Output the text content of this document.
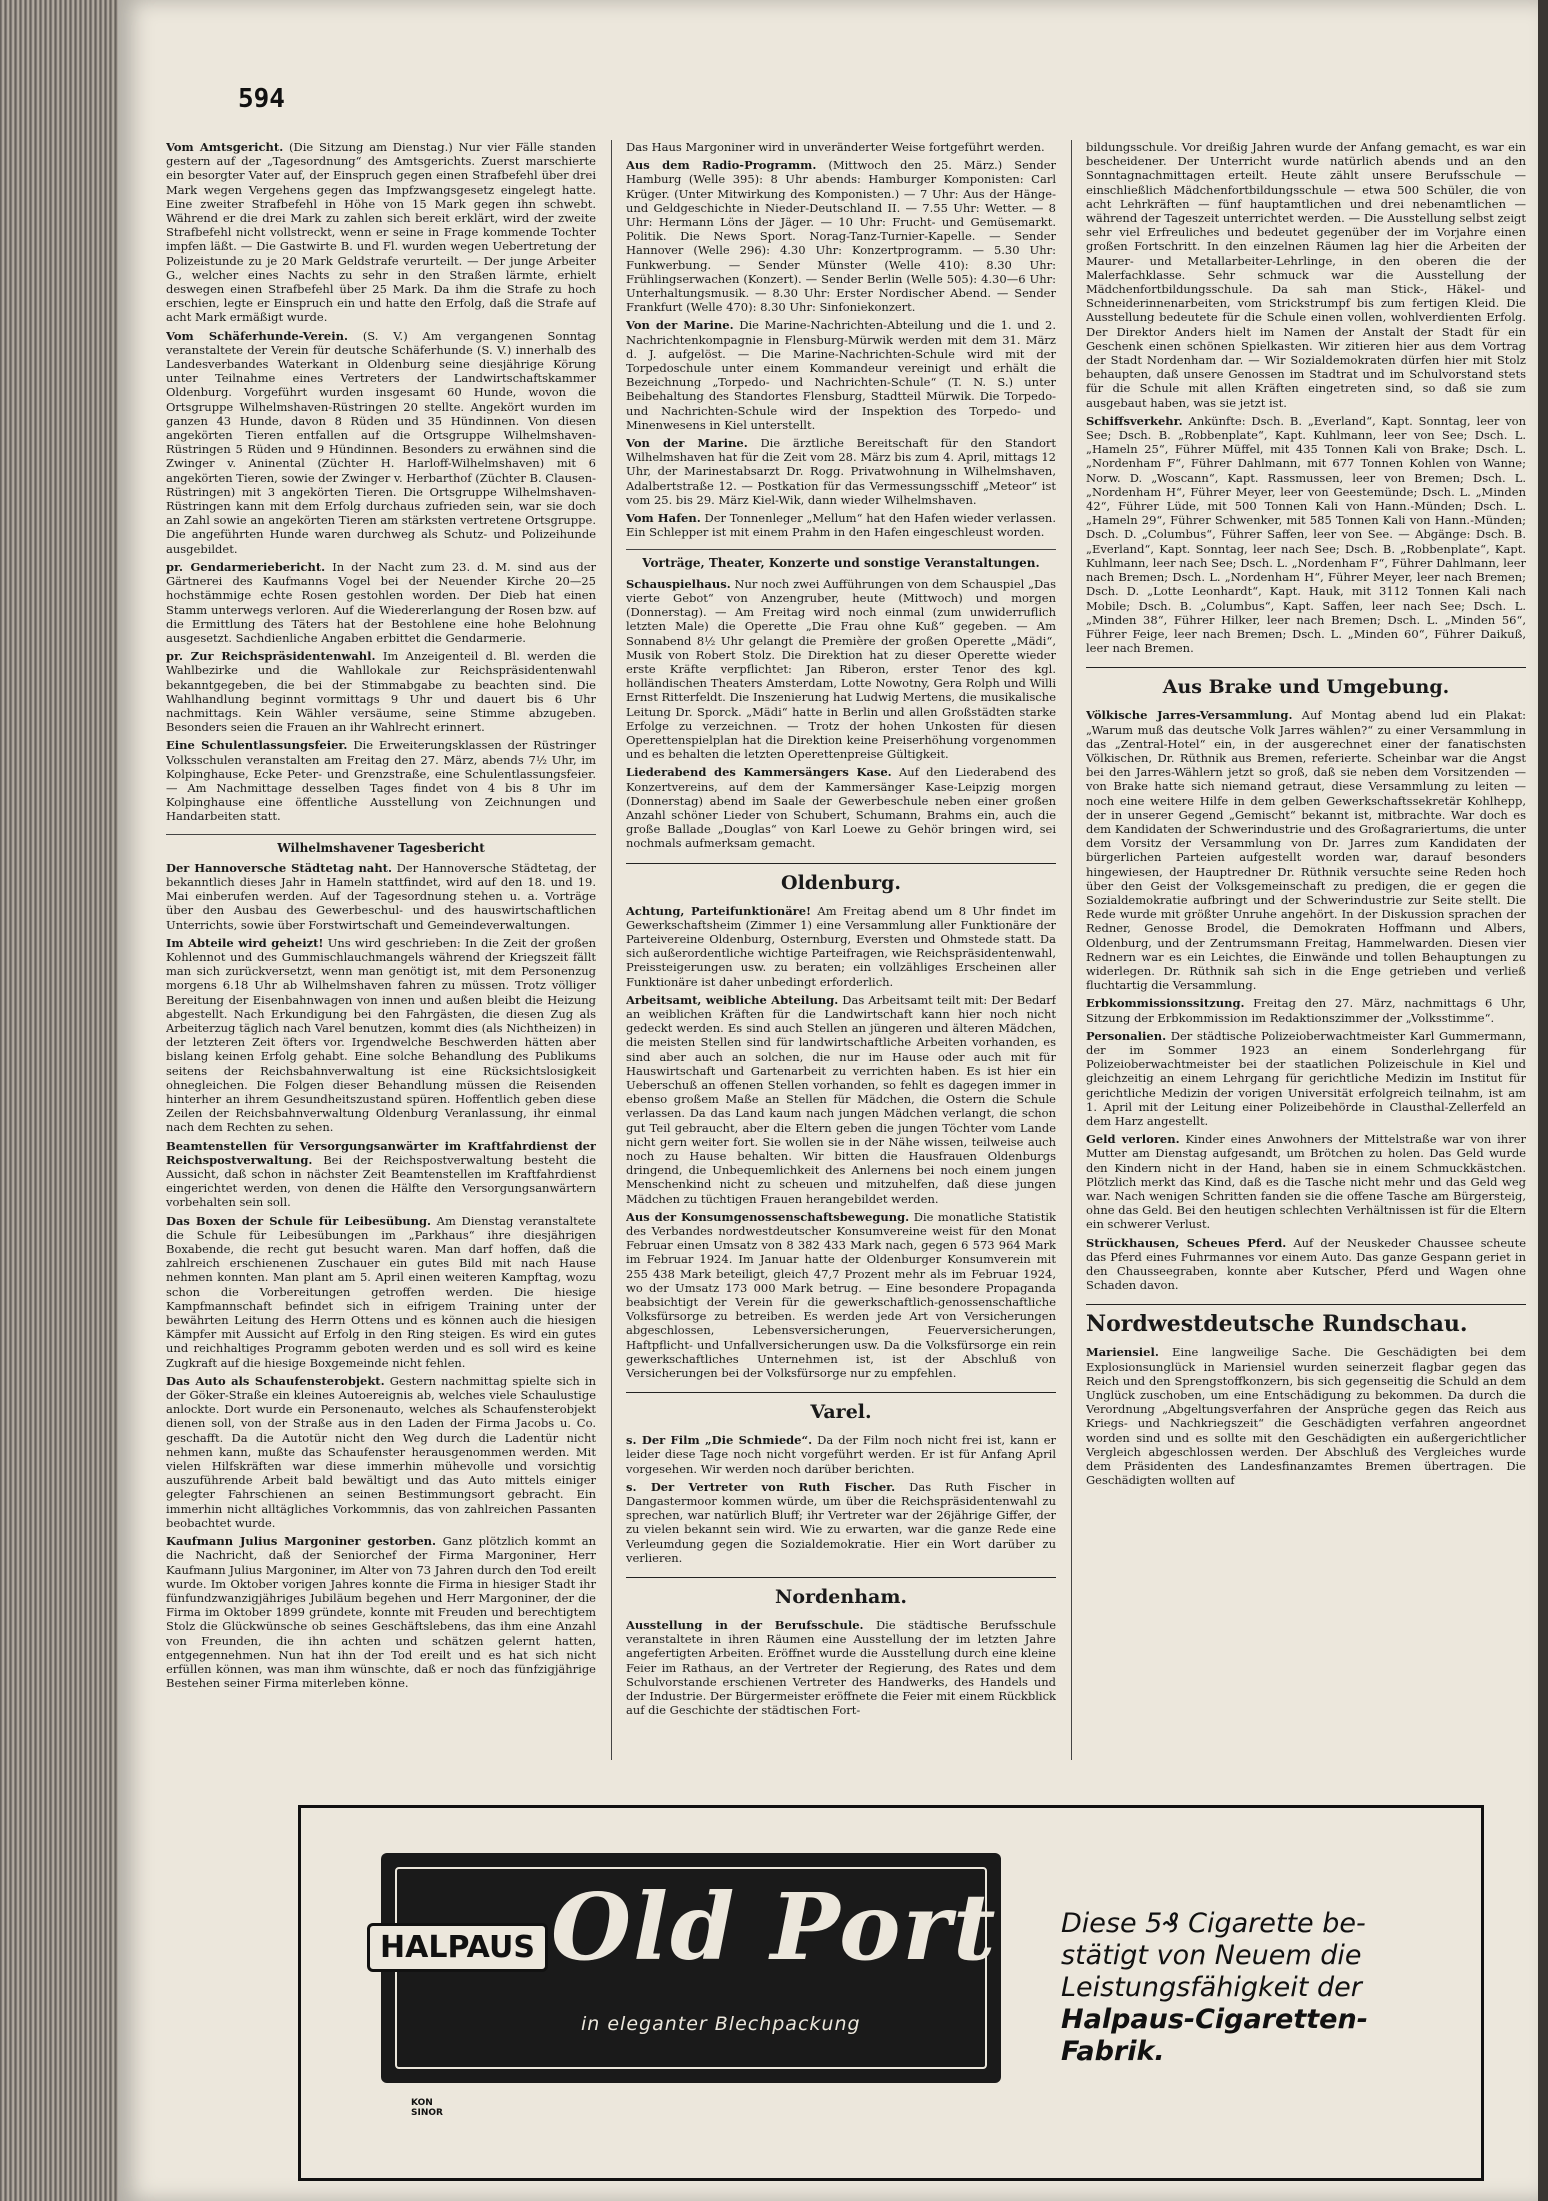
594

Vom Amtsgericht. (Die Sitzung am Dienstag.) Nur vier Fälle standen gestern auf der „Tagesordnung“ des Amtsgerichts. Zuerst marschierte ein besorgter Vater auf, der Einspruch gegen einen Strafbefehl über drei Mark wegen Vergehens gegen das Impfzwangsgesetz eingelegt hatte. Eine zweiter Strafbefehl in Höhe von 15 Mark gegen ihn schwebt. Während er die drei Mark zu zahlen sich bereit erklärt, wird der zweite Strafbefehl nicht vollstreckt, wenn er seine in Frage kommende Tochter impfen läßt. — Die Gastwirte B. und Fl. wurden wegen Uebertretung der Polizeistunde zu je 20 Mark Geldstrafe verurteilt. — Der junge Arbeiter G., welcher eines Nachts zu sehr in den Straßen lärmte, erhielt deswegen einen Strafbefehl über 25 Mark. Da ihm die Strafe zu hoch erschien, legte er Einspruch ein und hatte den Erfolg, daß die Strafe auf acht Mark ermäßigt wurde.

Vom Schäferhunde-Verein. (S. V.) Am vergangenen Sonntag veranstaltete der Verein für deutsche Schäferhunde (S. V.) innerhalb des Landesverbandes Waterkant in Oldenburg seine diesjährige Körung unter Teilnahme eines Vertreters der Landwirtschaftskammer Oldenburg. Vorgeführt wurden insgesamt 60 Hunde, wovon die Ortsgruppe Wilhelmshaven-Rüstringen 20 stellte. Angekört wurden im ganzen 43 Hunde, davon 8 Rüden und 35 Hündinnen. Von diesen angekörten Tieren entfallen auf die Ortsgruppe Wilhelmshaven-Rüstringen 5 Rüden und 9 Hündinnen. Besonders zu erwähnen sind die Zwinger v. Aninental (Züchter H. Harloff-Wilhelmshaven) mit 6 angekörten Tieren, sowie der Zwinger v. Herbarthof (Züchter B. Clausen-Rüstringen) mit 3 angekörten Tieren. Die Ortsgruppe Wilhelmshaven-Rüstringen kann mit dem Erfolg durchaus zufrieden sein, war sie doch an Zahl sowie an angekörten Tieren am stärksten vertretene Ortsgruppe. Die angeführten Hunde waren durchweg als Schutz- und Polizeihunde ausgebildet.

pr. Gendarmeriebericht. In der Nacht zum 23. d. M. sind aus der Gärtnerei des Kaufmanns Vogel bei der Neuender Kirche 20—25 hochstämmige echte Rosen gestohlen worden. Der Dieb hat einen Stamm unterwegs verloren. Auf die Wiedererlangung der Rosen bzw. auf die Ermittlung des Täters hat der Bestohlene eine hohe Belohnung ausgesetzt. Sachdienliche Angaben erbittet die Gendarmerie.

pr. Zur Reichspräsidentenwahl. Im Anzeigenteil d. Bl. werden die Wahlbezirke und die Wahllokale zur Reichspräsidentenwahl bekanntgegeben, die bei der Stimmabgabe zu beachten sind. Die Wahlhandlung beginnt vormittags 9 Uhr und dauert bis 6 Uhr nachmittags. Kein Wähler versäume, seine Stimme abzugeben. Besonders seien die Frauen an ihr Wahlrecht erinnert.

Eine Schulentlassungsfeier. Die Erweiterungsklassen der Rüstringer Volksschulen veranstalten am Freitag den 27. März, abends 7½ Uhr, im Kolpinghause, Ecke Peter- und Grenzstraße, eine Schulentlassungsfeier. — Am Nachmittage desselben Tages findet von 4 bis 8 Uhr im Kolpinghause eine öffentliche Ausstellung von Zeichnungen und Handarbeiten statt.

Wilhelmshavener Tagesbericht

Der Hannoversche Städtetag naht. Der Hannoversche Städtetag, der bekanntlich dieses Jahr in Hameln stattfindet, wird auf den 18. und 19. Mai einberufen werden. Auf der Tagesordnung stehen u. a. Vorträge über den Ausbau des Gewerbeschul- und des hauswirtschaftlichen Unterrichts, sowie über Forstwirtschaft und Gemeindeverwaltungen.

Im Abteile wird geheizt! Uns wird geschrieben: In die Zeit der großen Kohlennot und des Gummischlauchmangels während der Kriegszeit fällt man sich zurückversetzt, wenn man genötigt ist, mit dem Personenzug morgens 6.18 Uhr ab Wilhelmshaven fahren zu müssen. Trotz völliger Bereitung der Eisenbahnwagen von innen und außen bleibt die Heizung abgestellt. Nach Erkundigung bei den Fahrgästen, die diesen Zug als Arbeiterzug täglich nach Varel benutzen, kommt dies (als Nichtheizen) in der letzteren Zeit öfters vor. Irgendwelche Beschwerden hätten aber bislang keinen Erfolg gehabt. Eine solche Behandlung des Publikums seitens der Reichsbahnverwaltung ist eine Rücksichtslosigkeit ohnegleichen. Die Folgen dieser Behandlung müssen die Reisenden hinterher an ihrem Gesundheitszustand spüren. Hoffentlich geben diese Zeilen der Reichsbahnverwaltung Oldenburg Veranlassung, ihr einmal nach dem Rechten zu sehen.

Beamtenstellen für Versorgungsanwärter im Kraftfahrdienst der Reichspostverwaltung. Bei der Reichspostverwaltung besteht die Aussicht, daß schon in nächster Zeit Beamtenstellen im Kraftfahrdienst eingerichtet werden, von denen die Hälfte den Versorgungsanwärtern vorbehalten sein soll.

Das Boxen der Schule für Leibesübung. Am Dienstag veranstaltete die Schule für Leibesübungen im „Parkhaus“ ihre diesjährigen Boxabende, die recht gut besucht waren. Man darf hoffen, daß die zahlreich erschienenen Zuschauer ein gutes Bild mit nach Hause nehmen konnten. Man plant am 5. April einen weiteren Kampftag, wozu schon die Vorbereitungen getroffen werden. Die hiesige Kampfmannschaft befindet sich in eifrigem Training unter der bewährten Leitung des Herrn Ottens und es können auch die hiesigen Kämpfer mit Aussicht auf Erfolg in den Ring steigen. Es wird ein gutes und reichhaltiges Programm geboten werden und es soll wird es keine Zugkraft auf die hiesige Boxgemeinde nicht fehlen.

Das Auto als Schaufensterobjekt. Gestern nachmittag spielte sich in der Göker-Straße ein kleines Autoereignis ab, welches viele Schaulustige anlockte. Dort wurde ein Personenauto, welches als Schaufensterobjekt dienen soll, von der Straße aus in den Laden der Firma Jacobs u. Co. geschafft. Da die Autotür nicht den Weg durch die Ladentür nicht nehmen kann, mußte das Schaufenster herausgenommen werden. Mit vielen Hilfskräften war diese immerhin mühevolle und vorsichtig auszuführende Arbeit bald bewältigt und das Auto mittels einiger gelegter Fahrschienen an seinen Bestimmungsort gebracht. Ein immerhin nicht alltägliches Vorkommnis, das von zahlreichen Passanten beobachtet wurde.

Kaufmann Julius Margoniner gestorben. Ganz plötzlich kommt an die Nachricht, daß der Seniorchef der Firma Margoniner, Herr Kaufmann Julius Margoniner, im Alter von 73 Jahren durch den Tod ereilt wurde. Im Oktober vorigen Jahres konnte die Firma in hiesiger Stadt ihr fünfundzwanzigjähriges Jubiläum begehen und Herr Margoniner, der die Firma im Oktober 1899 gründete, konnte mit Freuden und berechtigtem Stolz die Glückwünsche ob seines Geschäftslebens, das ihm eine Anzahl von Freunden, die ihn achten und schätzen gelernt hatten, entgegennehmen. Nun hat ihn der Tod ereilt und es hat sich nicht erfüllen können, was man ihm wünschte, daß er noch das fünfzigjährige Bestehen seiner Firma miterleben könne.

Das Haus Margoniner wird in unveränderter Weise fortgeführt werden.

Aus dem Radio-Programm. (Mittwoch den 25. März.) Sender Hamburg (Welle 395): 8 Uhr abends: Hamburger Komponisten: Carl Krüger. (Unter Mitwirkung des Komponisten.) — 7 Uhr: Aus der Hänge- und Geldgeschichte in Nieder-Deutschland II. — 7.55 Uhr: Wetter. — 8 Uhr: Hermann Löns der Jäger. — 10 Uhr: Frucht- und Gemüsemarkt. Politik. Die News Sport. Norag-Tanz-Turnier-Kapelle. — Sender Hannover (Welle 296): 4.30 Uhr: Konzertprogramm. — 5.30 Uhr: Funkwerbung. — Sender Münster (Welle 410): 8.30 Uhr: Frühlingserwachen (Konzert). — Sender Berlin (Welle 505): 4.30—6 Uhr: Unterhaltungsmusik. — 8.30 Uhr: Erster Nordischer Abend. — Sender Frankfurt (Welle 470): 8.30 Uhr: Sinfoniekonzert.

Von der Marine. Die Marine-Nachrichten-Abteilung und die 1. und 2. Nachrichtenkompagnie in Flensburg-Mürwik werden mit dem 31. März d. J. aufgelöst. — Die Marine-Nachrichten-Schule wird mit der Torpedoschule unter einem Kommandeur vereinigt und erhält die Bezeichnung „Torpedo- und Nachrichten-Schule“ (T. N. S.) unter Beibehaltung des Standortes Flensburg, Stadtteil Mürwik. Die Torpedo- und Nachrichten-Schule wird der Inspektion des Torpedo- und Minenwesens in Kiel unterstellt.

Von der Marine. Die ärztliche Bereitschaft für den Standort Wilhelmshaven hat für die Zeit vom 28. März bis zum 4. April, mittags 12 Uhr, der Marinestabsarzt Dr. Rogg. Privatwohnung in Wilhelmshaven, Adalbertstraße 12. — Postkation für das Vermessungsschiff „Meteor“ ist vom 25. bis 29. März Kiel-Wik, dann wieder Wilhelmshaven.

Vom Hafen. Der Tonnenleger „Mellum“ hat den Hafen wieder verlassen. Ein Schlepper ist mit einem Prahm in den Hafen eingeschleust worden.

Vorträge, Theater, Konzerte und sonstige Veranstaltungen.

Schauspielhaus. Nur noch zwei Aufführungen von dem Schauspiel „Das vierte Gebot“ von Anzengruber, heute (Mittwoch) und morgen (Donnerstag). — Am Freitag wird noch einmal (zum unwiderruflich letzten Male) die Operette „Die Frau ohne Kuß“ gegeben. — Am Sonnabend 8½ Uhr gelangt die Première der großen Operette „Mädi“, Musik von Robert Stolz. Die Direktion hat zu dieser Operette wieder erste Kräfte verpflichtet: Jan Riberon, erster Tenor des kgl. holländischen Theaters Amsterdam, Lotte Nowotny, Gera Rolph und Willi Ernst Ritterfeldt. Die Inszenierung hat Ludwig Mertens, die musikalische Leitung Dr. Sporck. „Mädi“ hatte in Berlin und allen Großstädten starke Erfolge zu verzeichnen. — Trotz der hohen Unkosten für diesen Operettenspielplan hat die Direktion keine Preiserhöhung vorgenommen und es behalten die letzten Operettenpreise Gültigkeit.

Liederabend des Kammersängers Kase. Auf den Liederabend des Konzertvereins, auf dem der Kammersänger Kase-Leipzig morgen (Donnerstag) abend im Saale der Gewerbeschule neben einer großen Anzahl schöner Lieder von Schubert, Schumann, Brahms ein, auch die große Ballade „Douglas“ von Karl Loewe zu Gehör bringen wird, sei nochmals aufmerksam gemacht.

Oldenburg.

Achtung, Parteifunktionäre! Am Freitag abend um 8 Uhr findet im Gewerkschaftsheim (Zimmer 1) eine Versammlung aller Funktionäre der Parteivereine Oldenburg, Osternburg, Eversten und Ohmstede statt. Da sich außerordentliche wichtige Parteifragen, wie Reichspräsidentenwahl, Preissteigerungen usw. zu beraten; ein vollzähliges Erscheinen aller Funktionäre ist daher unbedingt erforderlich.

Arbeitsamt, weibliche Abteilung. Das Arbeitsamt teilt mit: Der Bedarf an weiblichen Kräften für die Landwirtschaft kann hier noch nicht gedeckt werden. Es sind auch Stellen an jüngeren und älteren Mädchen, die meisten Stellen sind für landwirtschaftliche Arbeiten vorhanden, es sind aber auch an solchen, die nur im Hause oder auch mit für Hauswirtschaft und Gartenarbeit zu verrichten haben. Es ist hier ein Ueberschuß an offenen Stellen vorhanden, so fehlt es dagegen immer in ebenso großem Maße an Stellen für Mädchen, die Ostern die Schule verlassen. Da das Land kaum nach jungen Mädchen verlangt, die schon gut Teil gebraucht, aber die Eltern geben die jungen Töchter vom Lande nicht gern weiter fort. Sie wollen sie in der Nähe wissen, teilweise auch noch zu Hause behalten. Wir bitten die Hausfrauen Oldenburgs dringend, die Unbequemlichkeit des Anlernens bei noch einem jungen Menschenkind nicht zu scheuen und mitzuhelfen, daß diese jungen Mädchen zu tüchtigen Frauen herangebildet werden.

Aus der Konsumgenossenschaftsbewegung. Die monatliche Statistik des Verbandes nordwestdeutscher Konsumvereine weist für den Monat Februar einen Umsatz von 8 382 433 Mark nach, gegen 6 573 964 Mark im Februar 1924. Im Januar hatte der Oldenburger Konsumverein mit 255 438 Mark beteiligt, gleich 47,7 Prozent mehr als im Februar 1924, wo der Umsatz 173 000 Mark betrug. — Eine besondere Propaganda beabsichtigt der Verein für die gewerkschaftlich-genossenschaftliche Volksfürsorge zu betreiben. Es werden jede Art von Versicherungen abgeschlossen, Lebensversicherungen, Feuerversicherungen, Haftpflicht- und Unfallversicherungen usw. Da die Volksfürsorge ein rein gewerkschaftliches Unternehmen ist, ist der Abschluß von Versicherungen bei der Volksfürsorge nur zu empfehlen.

Varel.

s. Der Film „Die Schmiede“. Da der Film noch nicht frei ist, kann er leider diese Tage noch nicht vorgeführt werden. Er ist für Anfang April vorgesehen. Wir werden noch darüber berichten.

s. Der Vertreter von Ruth Fischer. Das Ruth Fischer in Dangastermoor kommen würde, um über die Reichspräsidentenwahl zu sprechen, war natürlich Bluff; ihr Vertreter war der 26jährige Giffer, der zu vielen bekannt sein wird. Wie zu erwarten, war die ganze Rede eine Verleumdung gegen die Sozialdemokratie. Hier ein Wort darüber zu verlieren.

Nordenham.

Ausstellung in der Berufsschule. Die städtische Berufsschule veranstaltete in ihren Räumen eine Ausstellung der im letzten Jahre angefertigten Arbeiten. Eröffnet wurde die Ausstellung durch eine kleine Feier im Rathaus, an der Vertreter der Regierung, des Rates und dem Schulvorstande erschienen Vertreter des Handwerks, des Handels und der Industrie. Der Bürgermeister eröffnete die Feier mit einem Rückblick auf die Geschichte der städtischen Fort-

bildungsschule. Vor dreißig Jahren wurde der Anfang gemacht, es war ein bescheidener. Der Unterricht wurde natürlich abends und an den Sonntagnachmittagen erteilt. Heute zählt unsere Berufsschule — einschließlich Mädchenfortbildungsschule — etwa 500 Schüler, die von acht Lehrkräften — fünf hauptamtlichen und drei nebenamtlichen — während der Tageszeit unterrichtet werden. — Die Ausstellung selbst zeigt sehr viel Erfreuliches und bedeutet gegenüber der im Vorjahre einen großen Fortschritt. In den einzelnen Räumen lag hier die Arbeiten der Maurer- und Metallarbeiter-Lehrlinge, in den oberen die der Malerfachklasse. Sehr schmuck war die Ausstellung der Mädchenfortbildungsschule. Da sah man Stick-, Häkel- und Schneiderinnenarbeiten, vom Strickstrumpf bis zum fertigen Kleid. Die Ausstellung bedeutete für die Schule einen vollen, wohlverdienten Erfolg. Der Direktor Anders hielt im Namen der Anstalt der Stadt für ein Geschenk einen schönen Spielkasten. Wir zitieren hier aus dem Vortrag der Stadt Nordenham dar. — Wir Sozialdemokraten dürfen hier mit Stolz behaupten, daß unsere Genossen im Stadtrat und im Schulvorstand stets für die Schule mit allen Kräften eingetreten sind, so daß sie zum ausgebaut haben, was sie jetzt ist.

Schiffsverkehr. Ankünfte: Dsch. B. „Everland“, Kapt. Sonntag, leer von See; Dsch. B. „Robbenplate“, Kapt. Kuhlmann, leer von See; Dsch. L. „Hameln 25“, Führer Müffel, mit 435 Tonnen Kali von Brake; Dsch. L. „Nordenham F“, Führer Dahlmann, mit 677 Tonnen Kohlen von Wanne; Norw. D. „Woscann“, Kapt. Rassmussen, leer von Bremen; Dsch. L. „Nordenham H“, Führer Meyer, leer von Geestemünde; Dsch. L. „Minden 42“, Führer Lüde, mit 500 Tonnen Kali von Hann.-Münden; Dsch. L. „Hameln 29“, Führer Schwenker, mit 585 Tonnen Kali von Hann.-Münden; Dsch. D. „Columbus“, Führer Saffen, leer von See. — Abgänge: Dsch. B. „Everland“, Kapt. Sonntag, leer nach See; Dsch. B. „Robbenplate“, Kapt. Kuhlmann, leer nach See; Dsch. L. „Nordenham F“, Führer Dahlmann, leer nach Bremen; Dsch. L. „Nordenham H“, Führer Meyer, leer nach Bremen; Dsch. D. „Lotte Leonhardt“, Kapt. Hauk, mit 3112 Tonnen Kali nach Mobile; Dsch. B. „Columbus“, Kapt. Saffen, leer nach See; Dsch. L. „Minden 38“, Führer Hilker, leer nach Bremen; Dsch. L. „Minden 56“, Führer Feige, leer nach Bremen; Dsch. L. „Minden 60“, Führer Daikuß, leer nach Bremen.

Aus Brake und Umgebung.

Völkische Jarres-Versammlung. Auf Montag abend lud ein Plakat: „Warum muß das deutsche Volk Jarres wählen?“ zu einer Versammlung in das „Zentral-Hotel“ ein, in der ausgerechnet einer der fanatischsten Völkischen, Dr. Rüthnik aus Bremen, referierte. Scheinbar war die Angst bei den Jarres-Wählern jetzt so groß, daß sie neben dem Vorsitzenden — von Brake hatte sich niemand getraut, diese Versammlung zu leiten — noch eine weitere Hilfe in dem gelben Gewerkschaftssekretär Kohlhepp, der in unserer Gegend „Gemischt“ bekannt ist, mitbrachte. War doch es dem Kandidaten der Schwerindustrie und des Großagrariertums, die unter dem Vorsitz der Versammlung von Dr. Jarres zum Kandidaten der bürgerlichen Parteien aufgestellt worden war, darauf besonders hingewiesen, der Hauptredner Dr. Rüthnik versuchte seine Reden hoch über den Geist der Volksgemeinschaft zu predigen, die er gegen die Sozialdemokratie aufbringt und der Schwerindustrie zur Seite stellt. Die Rede wurde mit größter Unruhe angehört. In der Diskussion sprachen der Redner, Genosse Brodel, die Demokraten Hoffmann und Albers, Oldenburg, und der Zentrumsmann Freitag, Hammelwarden. Diesen vier Rednern war es ein Leichtes, die Einwände und tollen Behauptungen zu widerlegen. Dr. Rüthnik sah sich in die Enge getrieben und verließ fluchtartig die Versammlung.

Erbkommissionssitzung. Freitag den 27. März, nachmittags 6 Uhr, Sitzung der Erbkommission im Redaktionszimmer der „Volksstimme“.

Personalien. Der städtische Polizeioberwachtmeister Karl Gummermann, der im Sommer 1923 an einem Sonderlehrgang für Polizeioberwachtmeister bei der staatlichen Polizeischule in Kiel und gleichzeitig an einem Lehrgang für gerichtliche Medizin im Institut für gerichtliche Medizin der vorigen Universität erfolgreich teilnahm, ist am 1. April mit der Leitung einer Polizeibehörde in Clausthal-Zellerfeld an dem Harz angestellt.

Geld verloren. Kinder eines Anwohners der Mittelstraße war von ihrer Mutter am Dienstag aufgesandt, um Brötchen zu holen. Das Geld wurde den Kindern nicht in der Hand, haben sie in einem Schmuckkästchen. Plötzlich merkt das Kind, daß es die Tasche nicht mehr und das Geld weg war. Nach wenigen Schritten fanden sie die offene Tasche am Bürgersteig, ohne das Geld. Bei den heutigen schlechten Verhältnissen ist für die Eltern ein schwerer Verlust.

Strückhausen, Scheues Pferd. Auf der Neuskeder Chaussee scheute das Pferd eines Fuhrmannes vor einem Auto. Das ganze Gespann geriet in den Chausseegraben, konnte aber Kutscher, Pferd und Wagen ohne Schaden davon.

Nordwestdeutsche Rundschau.

Mariensiel. Eine langweilige Sache. Die Geschädigten bei dem Explosionsunglück in Mariensiel wurden seinerzeit flagbar gegen das Reich und den Sprengstoffkonzern, bis sich gegenseitig die Schuld an dem Unglück zuschoben, um eine Entschädigung zu bekommen. Da durch die Verordnung „Abgeltungsverfahren der Ansprüche gegen das Reich aus Kriegs- und Nachkriegszeit“ die Geschädigten verfahren angeordnet worden sind und es sollte mit den Geschädigten ein außergerichtlicher Vergleich abgeschlossen werden. Der Abschluß des Vergleiches wurde dem Präsidenten des Landesfinanzamtes Bremen übertragen. Die Geschädigten wollten auf

HALPAUS Old Port
in eleganter Blechpackung
KON
SINOR
Diese 5₰ Cigarette be-
stätigt von Neuem die
Leistungsfähigkeit der
Halpaus-Cigaretten-Fabrik.
